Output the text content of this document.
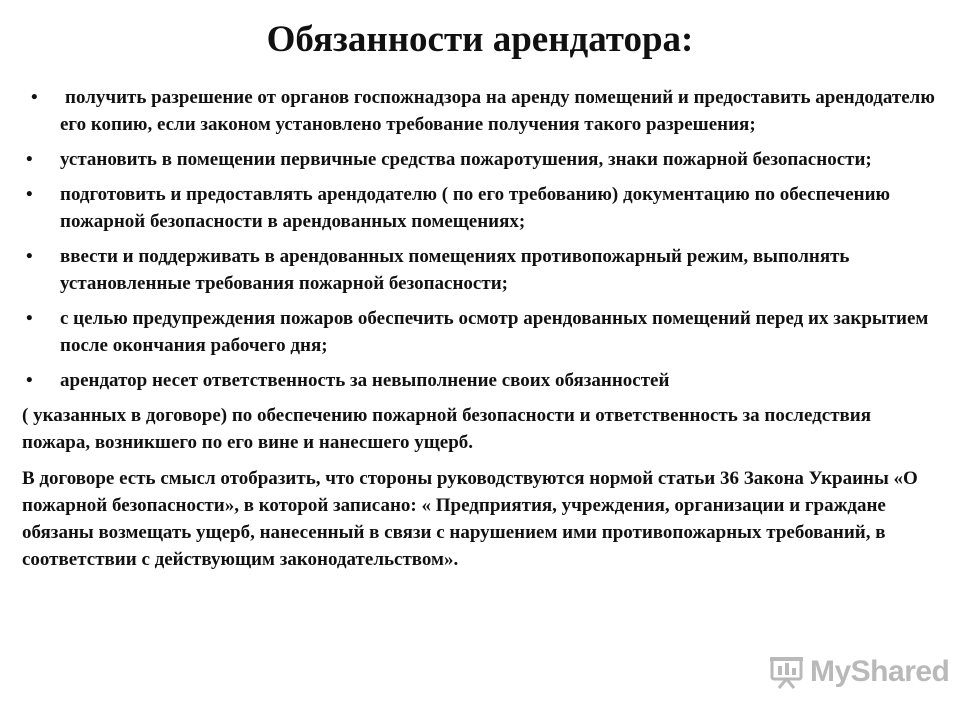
Обязанности арендатора:
• получить разрешение от органов госпожнадзора на аренду помещений и предоставить арендодателю его копию, если законом установлено требование получения такого разрешения;
• установить в помещении первичные средства пожаротушения, знаки пожарной безопасности;
• подготовить и предоставлять арендодателю ( по его требованию) документацию по обеспечению пожарной безопасности в арендованных помещениях;
• ввести и поддерживать в арендованных помещениях противопожарный режим, выполнять установленные требования пожарной безопасности;
• с целью предупреждения пожаров обеспечить осмотр арендованных помещений перед их закрытием после окончания рабочего дня;
• арендатор несет ответственность за невыполнение своих обязанностей

( указанных в договоре) по обеспечению пожарной безопасности и ответственность за последствия пожара, возникшего по его вине и нанесшего ущерб.

В договоре есть смысл отобразить, что стороны руководствуются нормой статьи 36 Закона Украины «О пожарной безопасности», в которой записано: « Предприятия, учреждения, организации и граждане обязаны возмещать ущерб, нанесенный в связи с нарушением ими противопожарных требований, в соответствии с действующим законодательством».

MyShared
